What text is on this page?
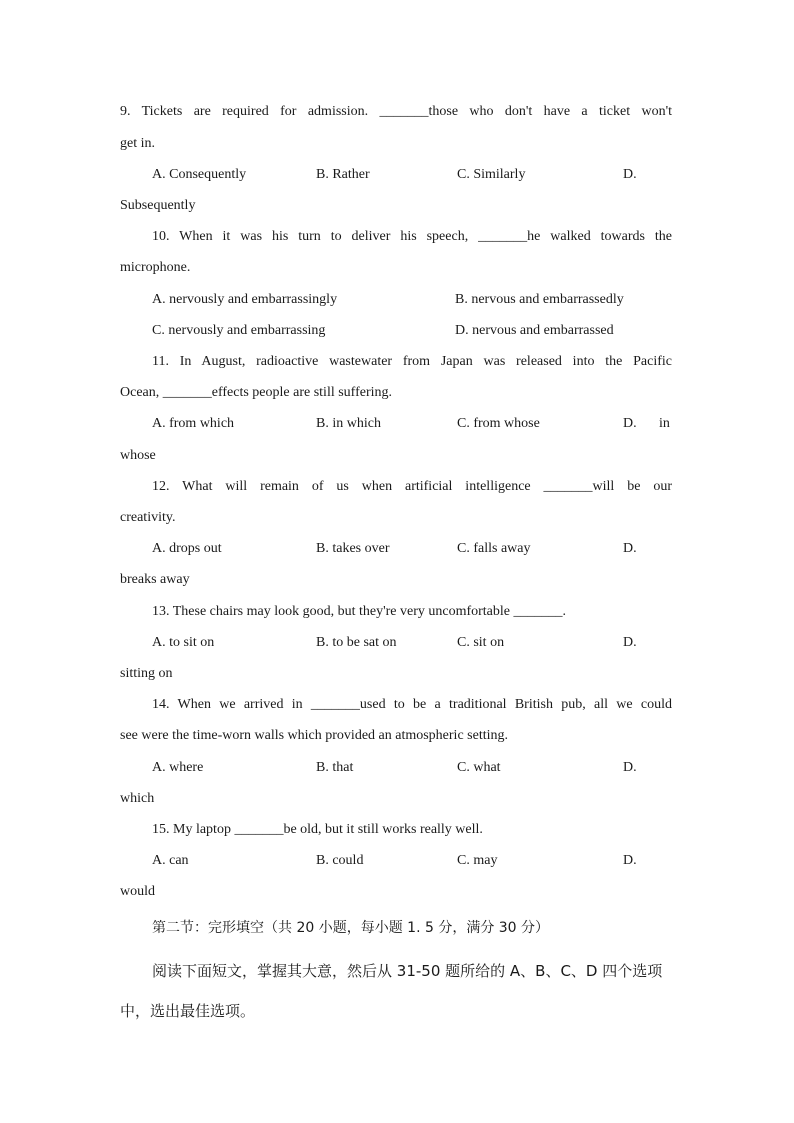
9. Tickets are required for admission. _______those who don't have a ticket won't
get in.
A. Consequently	B. Rather	C. Similarly	D.
Subsequently
10. When it was his turn to deliver his speech, _______he walked towards the
microphone.
A. nervously and embarrassingly	B. nervous and embarrassedly
C. nervously and embarrassing	D. nervous and embarrassed
11. In August, radioactive wastewater from Japan was released into the Pacific
Ocean, _______effects people are still suffering.
A. from which	B. in which	C. from whose	D. in
whose
12. What will remain of us when artificial intelligence _______will be our
creativity.
A. drops out	B. takes over	C. falls away	D.
breaks away
13. These chairs may look good, but they're very uncomfortable _______.
A. to sit on	B. to be sat on	C. sit on	D.
sitting on
14. When we arrived in _______used to be a traditional British pub, all we could
see were the time-worn walls which provided an atmospheric setting.
A. where	B. that	C. what	D.
which
15. My laptop _______be old, but it still works really well.
A. can	B. could	C. may	D.
would
第二节：完形填空（共 20 小题，每小题 1. 5 分，满分 30 分）
阅读下面短文，掌握其大意，然后从 31-50 题所给的 A、B、C、D 四个选项
中，选出最佳选项。
